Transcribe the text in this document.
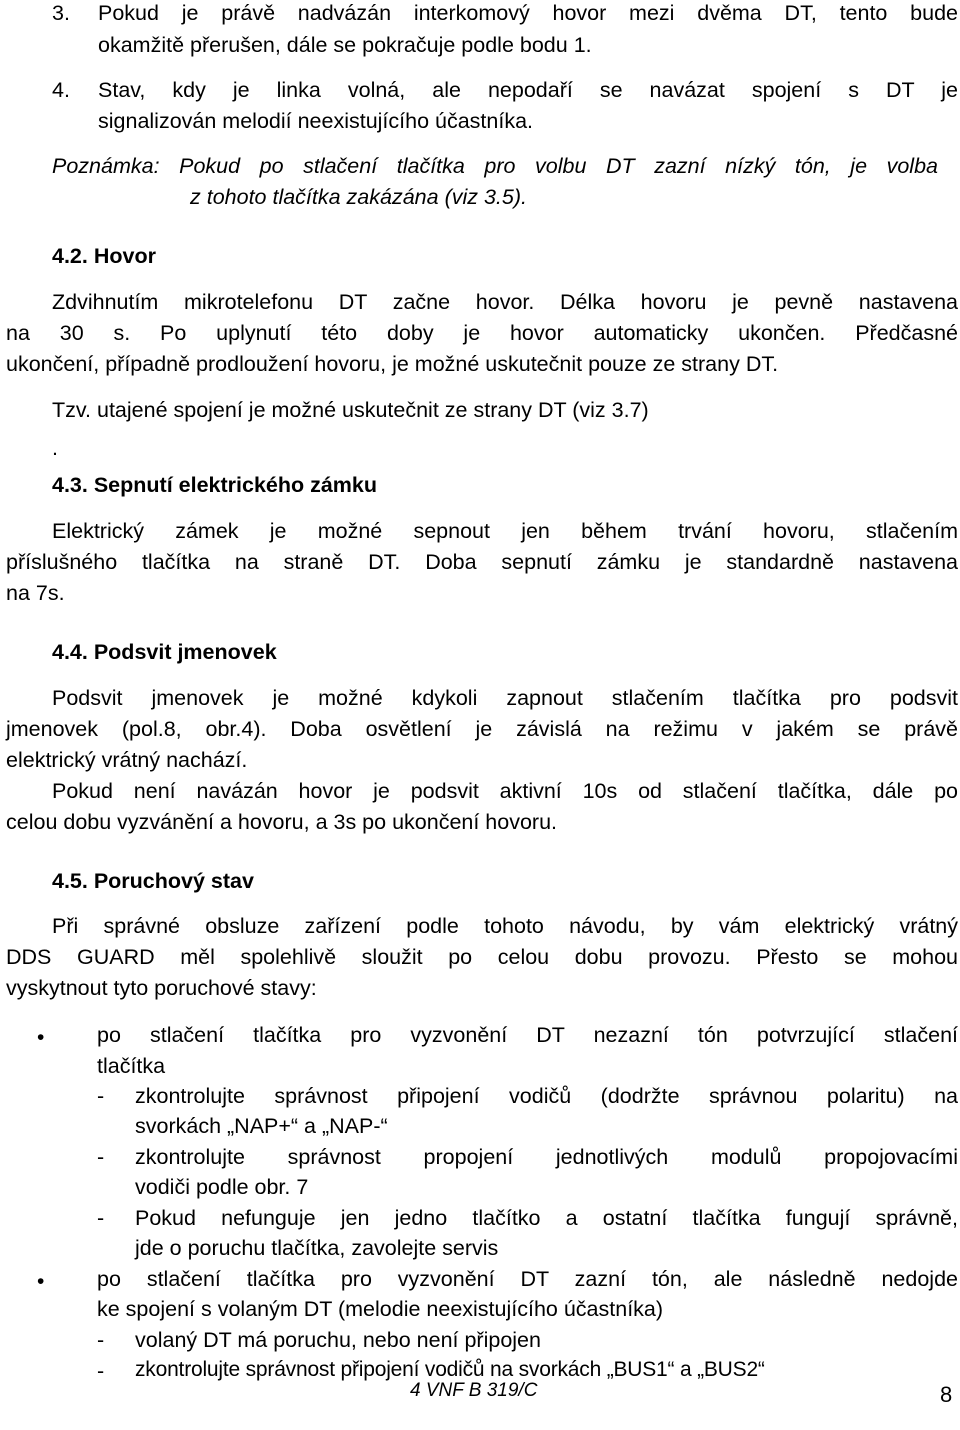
3. Pokud je právě nadvázán interkomový hovor mezi dvěma DT, tento bude
okamžitě přerušen, dále se pokračuje podle bodu 1.
4. Stav, kdy je linka volná, ale nepodaří se navázat spojení s DT je
signalizován melodií neexistujícího účastníka.
Poznámka: Pokud po stlačení tlačítka pro volbu DT zazní nízký tón, je volba
z tohoto tlačítka zakázána (viz 3.5).
4.2. Hovor
Zdvihnutím mikrotelefonu DT začne hovor. Délka hovoru je pevně nastavena
na 30 s. Po uplynutí této doby je hovor automaticky ukončen. Předčasné
ukončení, případně prodloužení hovoru, je možné uskutečnit pouze ze strany DT.
Tzv. utajené spojení je možné uskutečnit ze strany DT (viz 3.7)
.
4.3. Sepnutí elektrického zámku
Elektrický zámek je možné sepnout jen během trvání hovoru, stlačením
příslušného tlačítka na straně DT. Doba sepnutí zámku je standardně nastavena
na 7s.
4.4. Podsvit jmenovek
Podsvit jmenovek je možné kdykoli zapnout stlačením tlačítka pro podsvit
jmenovek (pol.8, obr.4). Doba osvětlení je závislá na režimu v jakém se právě
elektrický vrátný nachází.
Pokud není navázán hovor je podsvit aktivní 10s od stlačení tlačítka, dále po
celou dobu vyzvánění a hovoru, a 3s po ukončení hovoru.
4.5. Poruchový stav
Při správné obsluze zařízení podle tohoto návodu, by vám elektrický vrátný
DDS GUARD měl spolehlivě sloužit po celou dobu provozu. Přesto se mohou
vyskytnout tyto poruchové stavy:
• po stlačení tlačítka pro vyzvonění DT nezazní tón potvrzující stlačení
tlačítka
- zkontrolujte správnost připojení vodičů (dodržte správnou polaritu) na
svorkách „NAP+“ a „NAP-“
- zkontrolujte správnost propojení jednotlivých modulů propojovacími
vodiči podle obr. 7
- Pokud nefunguje jen jedno tlačítko a ostatní tlačítka fungují správně,
jde o poruchu tlačítka, zavolejte servis
• po stlačení tlačítka pro vyzvonění DT zazní tón, ale následně nedojde
ke spojení s volaným DT (melodie neexistujícího účastníka)
- volaný DT má poruchu, nebo není připojen
- zkontrolujte správnost připojení vodičů na svorkách „BUS1“ a „BUS2“
4 VNF B 319/C	8
